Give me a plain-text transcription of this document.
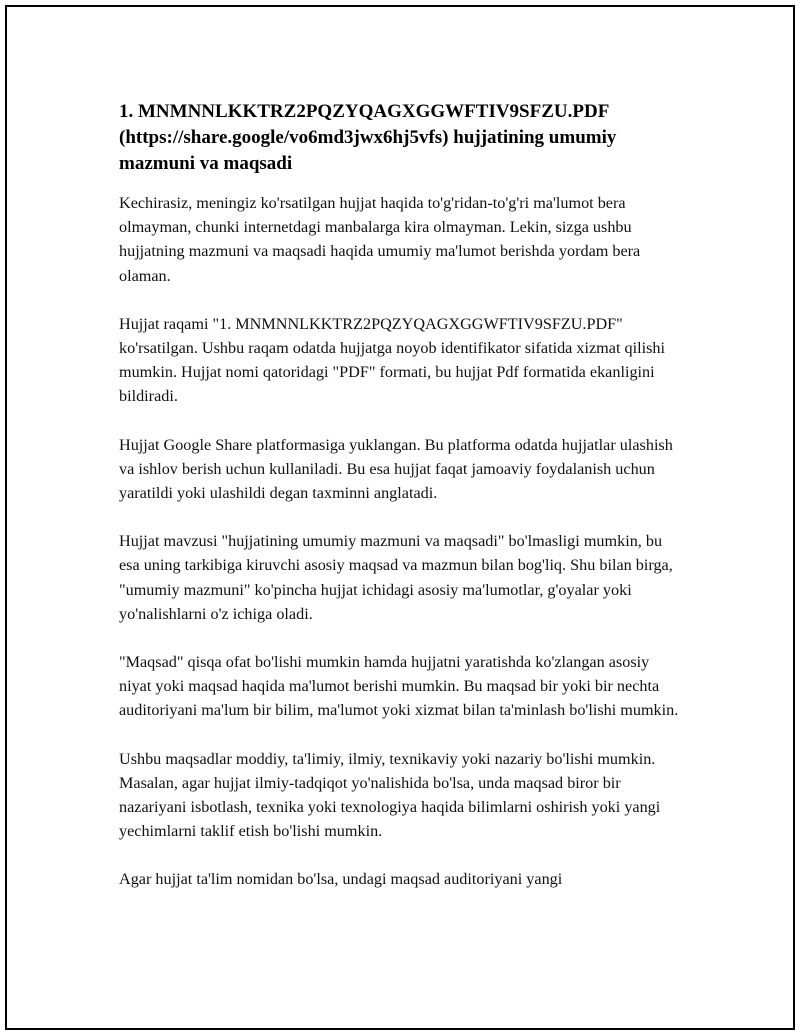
1. MNMNNLKKTRZ2PQZYQAGXGGWFTIV9SFZU.PDF (https://share.google/vo6md3jwx6hj5vfs) hujjatining umumiy mazmuni va maqsadi

Kechirasiz, meningiz ko'rsatilgan hujjat haqida to'g'ridan-to'g'ri ma'lumot bera olmayman, chunki internetdagi manbalarga kira olmayman. Lekin, sizga ushbu hujjatning mazmuni va maqsadi haqida umumiy ma'lumot berishda yordam bera olaman.

Hujjat raqami "1. MNMNNLKKTRZ2PQZYQAGXGGWFTIV9SFZU.PDF" ko'rsatilgan. Ushbu raqam odatda hujjatga noyob identifikator sifatida xizmat qilishi mumkin. Hujjat nomi qatoridagi "PDF" formati, bu hujjat Pdf formatida ekanligini bildiradi.

Hujjat Google Share platformasiga yuklangan. Bu platforma odatda hujjatlar ulashish va ishlov berish uchun kullaniladi. Bu esa hujjat faqat jamoaviy foydalanish uchun yaratildi yoki ulashildi degan taxminni anglatadi.

Hujjat mavzusi "hujjatining umumiy mazmuni va maqsadi" bo'lmasligi mumkin, bu esa uning tarkibiga kiruvchi asosiy maqsad va mazmun bilan bog'liq. Shu bilan birga, "umumiy mazmuni" ko'pincha hujjat ichidagi asosiy ma'lumotlar, g'oyalar yoki yo'nalishlarni o'z ichiga oladi.

"Maqsad" qisqa ofat bo'lishi mumkin hamda hujjatni yaratishda ko'zlangan asosiy niyat yoki maqsad haqida ma'lumot berishi mumkin. Bu maqsad bir yoki bir nechta auditoriyani ma'lum bir bilim, ma'lumot yoki xizmat bilan ta'minlash bo'lishi mumkin.

Ushbu maqsadlar moddiy, ta'limiy, ilmiy, texnikaviy yoki nazariy bo'lishi mumkin. Masalan, agar hujjat ilmiy-tadqiqot yo'nalishida bo'lsa, unda maqsad biror bir nazariyani isbotlash, texnika yoki texnologiya haqida bilimlarni oshirish yoki yangi yechimlarni taklif etish bo'lishi mumkin.

Agar hujjat ta'lim nomidan bo'lsa, undagi maqsad auditoriyani yangi
